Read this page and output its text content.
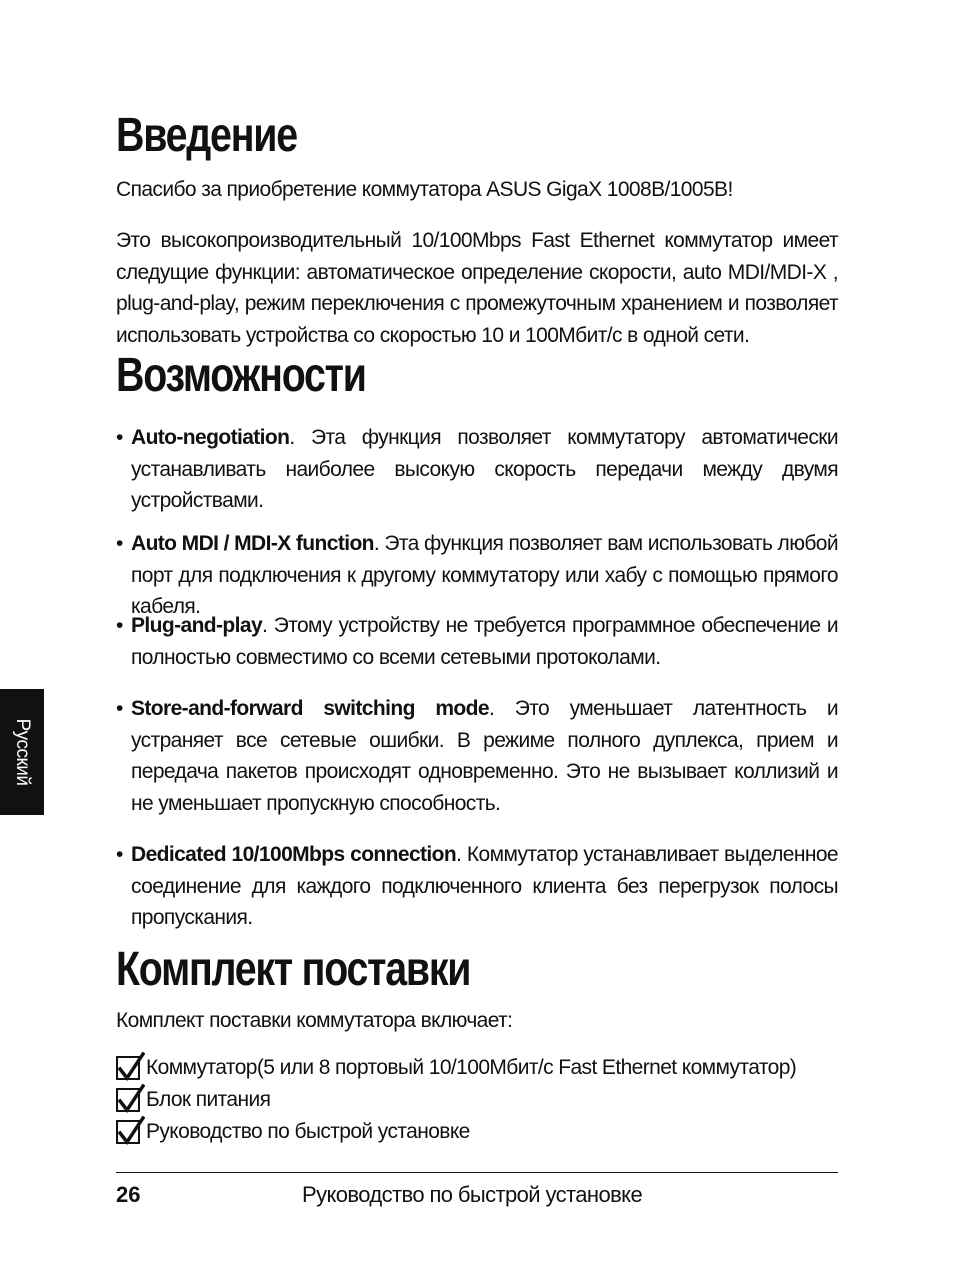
Введение
Спасибо за приобретение коммутатора ASUS GigaX 1008B/1005B!
Это высокопроизводительный 10/100Mbps Fast Ethernet коммутатор имеет следущие функции: автоматическое определение скорости, auto MDI/MDI-X , plug-and-play, режим переключения с промежуточным хранением и позволяет использовать устройства со скоростью 10 и 100Мбит/с в одной сети.
Возможности
• Auto-negotiation. Эта функция позволяет коммутатору автоматически устанавливать наиболее высокую скорость передачи между двумя устройствами.
• Auto MDI / MDI-X function. Эта функция позволяет вам использовать любой порт для подключения к другому коммутатору или хабу с помощью прямого кабеля.
• Plug-and-play. Этому устройству не требуется программное обеспечение и полностью совместимо со всеми сетевыми протоколами.
• Store-and-forward switching mode. Это уменьшает латентность и устраняет все сетевые ошибки. В режиме полного дуплекса, прием и передача пакетов происходят одновременно. Это не вызывает коллизий и не уменьшает пропускную способность.
• Dedicated 10/100Mbps connection. Коммутатор устанавливает выделенное соединение для каждого подключенного клиента без перегрузок полосы пропускания.
Комплект поставки
Комплект поставки коммутатора включает:
Коммутатор(5 или 8 портовый 10/100Мбит/с Fast Ethernet коммутатор)
Блок питания
Руководство по быстрой установке
26	Руководство по быстрой установке
Русский
